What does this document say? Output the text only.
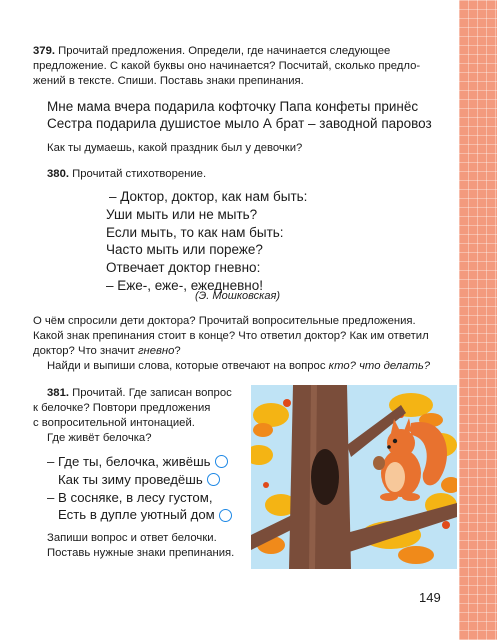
379. Прочитай предложения. Определи, где начинается следующее

предложение. С какой буквы оно начинается? Посчитай, сколько предло-

жений в тексте. Спиши. Поставь знаки препинания.

Мне мама вчера подарила кофточку Папа конфеты принёс

Сестра подарила душистое мыло А брат – заводной паровоз

Как ты думаешь, какой праздник был у девочки?

380. Прочитай стихотворение.

– Доктор, доктор, как нам быть:
Уши мыть или не мыть?
Если мыть, то как нам быть:
Часто мыть или пореже?
Отвечает доктор гневно:
– Еже-, еже-, ежедневно!
(Э. Мошковская)

О чём спросили дети доктора? Прочитай вопросительные предложения.

Какой знак препинания стоит в конце? Что ответил доктор? Как им ответил

доктор? Что значит гневно?

Найди и выпиши слова, которые отвечают на вопрос кто? что делать?

381. Прочитай. Где записан вопрос

к белочке? Повтори предложения

с вопросительной интонацией.

Где живёт белочка?

– Где ты, белочка, живёшь
Как ты зиму проведёшь
– В сосняке, в лесу густом,
Есть в дупле уютный дом

Запиши вопрос и ответ белочки.

Поставь нужные знаки препинания.

149
